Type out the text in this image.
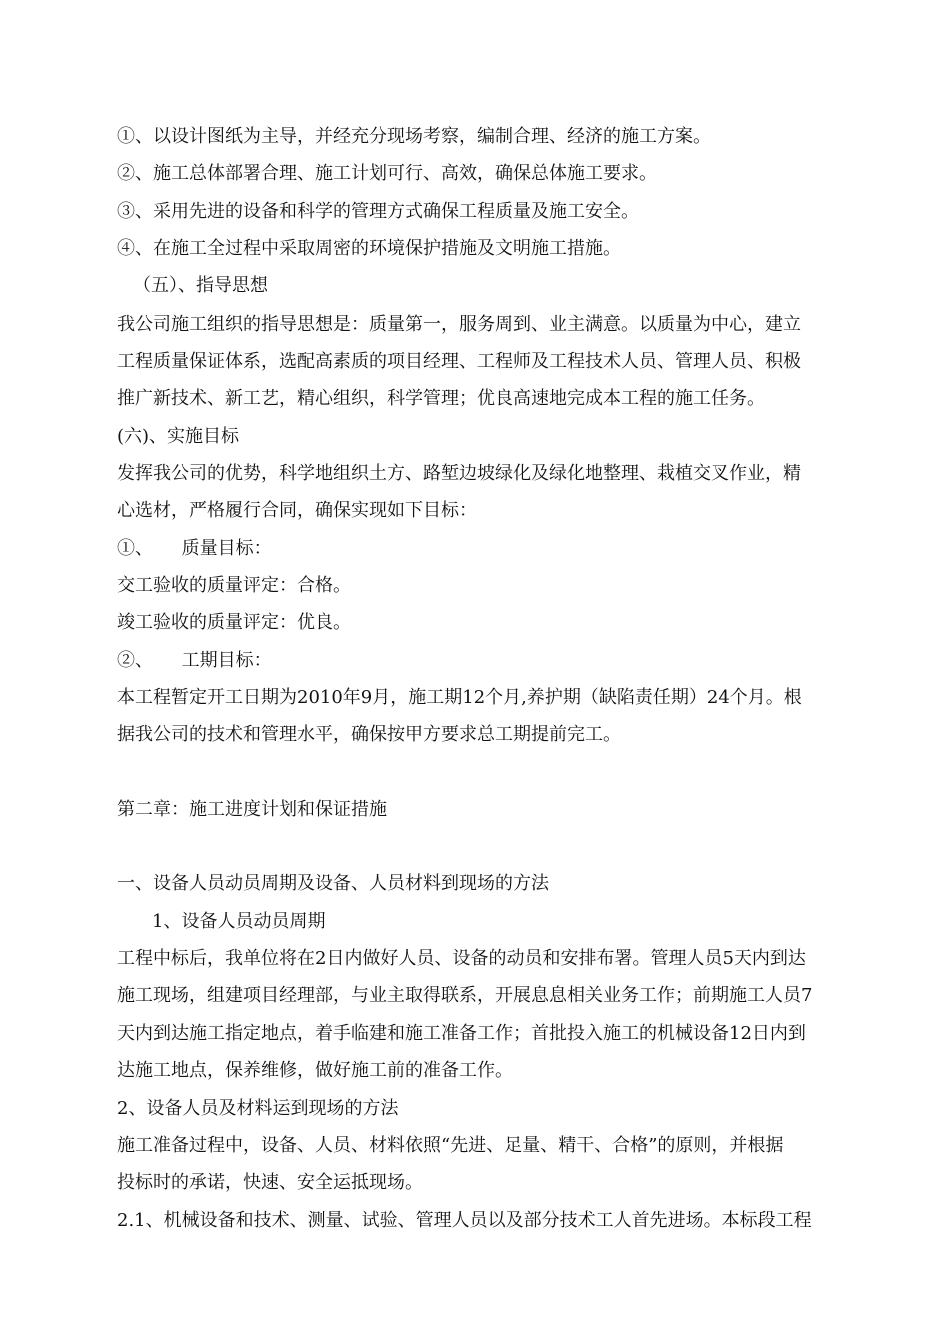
①、以设计图纸为主导，并经充分现场考察，编制合理、经济的施工方案。
②、施工总体部署合理、施工计划可行、高效，确保总体施工要求。
③、采用先进的设备和科学的管理方式确保工程质量及施工安全。
④、在施工全过程中采取周密的环境保护措施及文明施工措施。
（五）、指导思想
我公司施工组织的指导思想是：质量第一，服务周到、业主满意。以质量为中心，建立
工程质量保证体系，选配高素质的项目经理、工程师及工程技术人员、管理人员、积极
推广新技术、新工艺，精心组织，科学管理；优良高速地完成本工程的施工任务。
(六)、实施目标
发挥我公司的优势，科学地组织土方、路堑边坡绿化及绿化地整理、栽植交叉作业，精
心选材，严格履行合同，确保实现如下目标：
①、     质量目标：
交工验收的质量评定：合格。
竣工验收的质量评定：优良。
②、     工期目标：
本工程暂定开工日期为2010年9月，施工期12个月,养护期（缺陷责任期）24个月。根
据我公司的技术和管理水平，确保按甲方要求总工期提前完工。
第二章：施工进度计划和保证措施
一、设备人员动员周期及设备、人员材料到现场的方法
1、设备人员动员周期
工程中标后，我单位将在2日内做好人员、设备的动员和安排布署。管理人员5天内到达
施工现场，组建项目经理部，与业主取得联系，开展息息相关业务工作；前期施工人员7
天内到达施工指定地点，着手临建和施工准备工作；首批投入施工的机械设备12日内到
达施工地点，保养维修，做好施工前的准备工作。
2、设备人员及材料运到现场的方法
施工准备过程中，设备、人员、材料依照“先进、足量、精干、合格”的原则，并根据
投标时的承诺，快速、安全运抵现场。
2.1、机械设备和技术、测量、试验、管理人员以及部分技术工人首先进场。本标段工程
